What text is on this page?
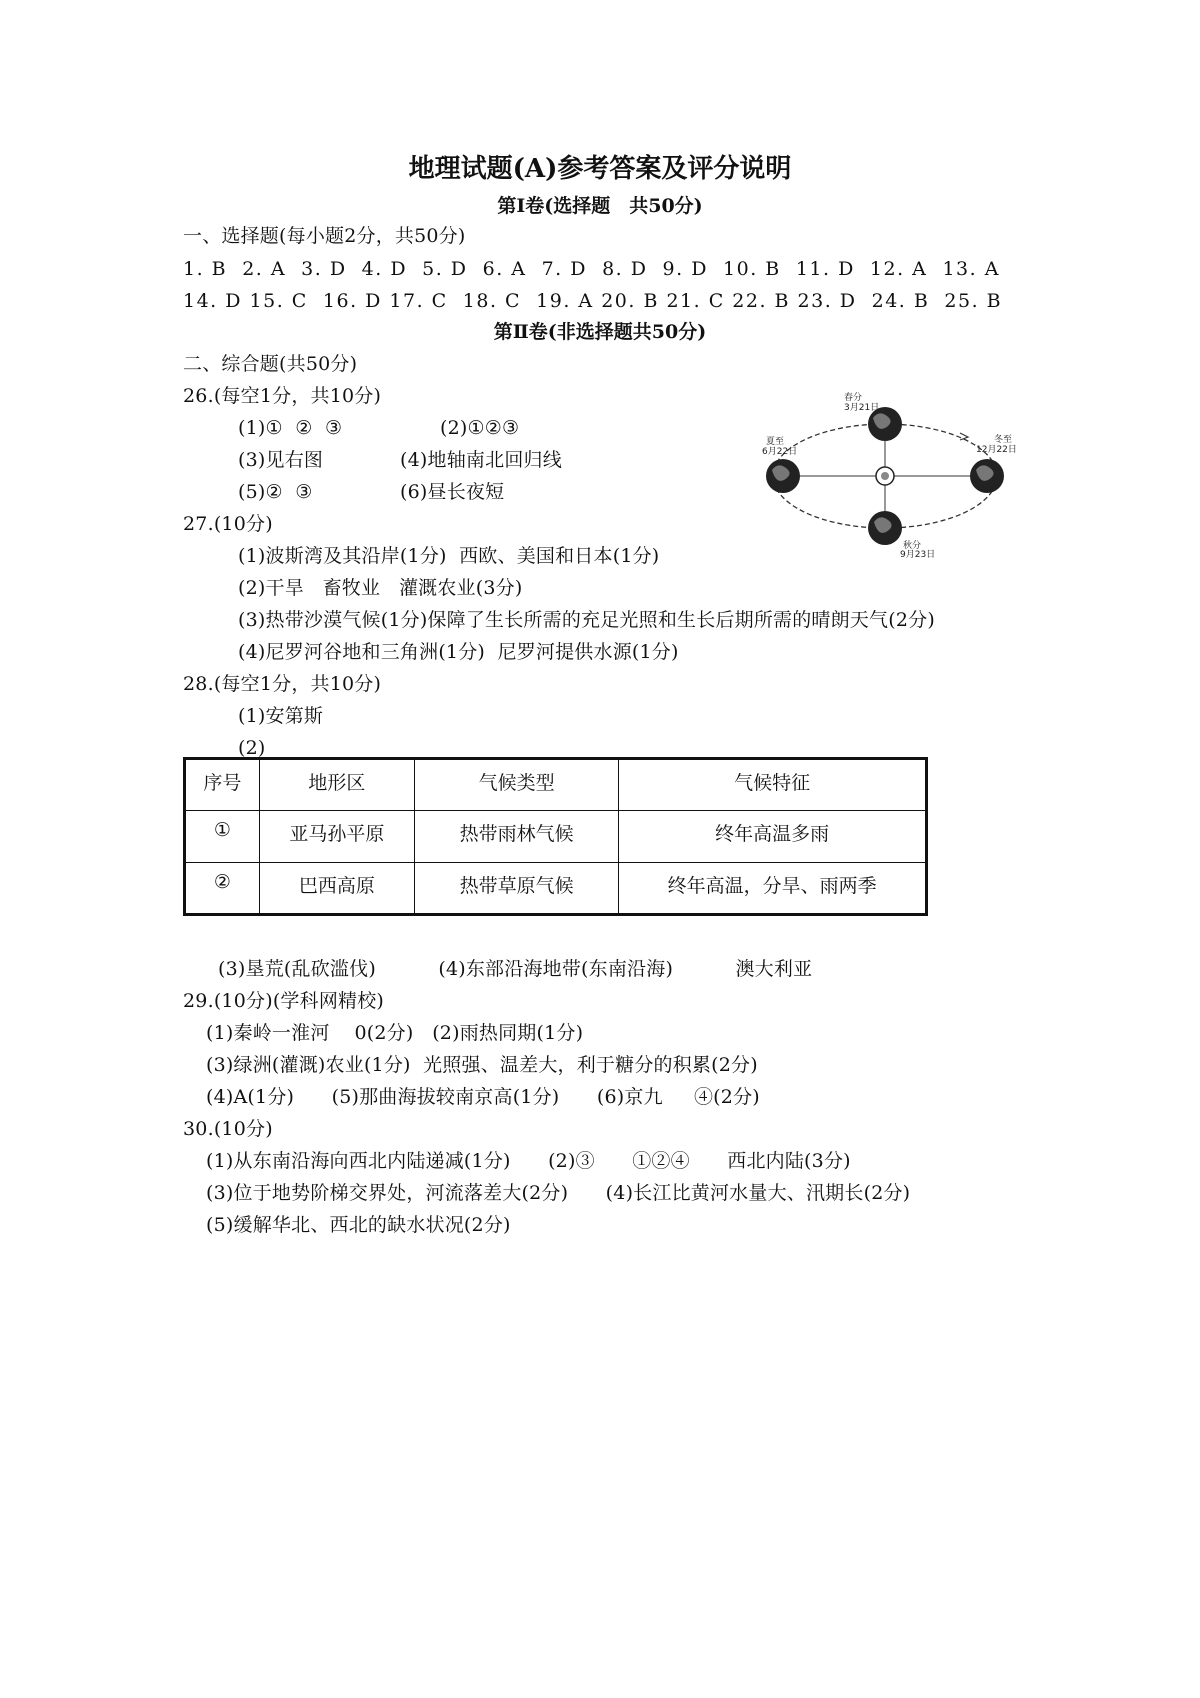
地理试题(A)参考答案及评分说明
第Ⅰ卷(选择题　共50分)
一、选择题(每小题2分，共50分)
1. B  2. A  3. D  4. D  5. D  6. A  7. D  8. D  9. D  10. B  11. D  12. A  13. A
14. D 15. C  16. D 17. C  18. C  19. A 20. B 21. C 22. B 23. D  24. B  25. B
第Ⅱ卷(非选择题共50分)
二、综合题(共50分)
26.(每空1分，共10分)
(1)①  ②  ③	(2)①②③
(3)见右图	(4)地轴南北回归线
(5)②  ③	(6)昼长夜短
春分
3月21日
夏至
6月22日
冬至
12月22日
秋分
9月23日
27.(10分)
(1)波斯湾及其沿岸(1分)  西欧、美国和日本(1分)
(2)干旱   畜牧业   灌溉农业(3分)
(3)热带沙漠气候(1分)保障了生长所需的充足光照和生长后期所需的晴朗天气(2分)
(4)尼罗河谷地和三角洲(1分)  尼罗河提供水源(1分)
28.(每空1分，共10分)
(1)安第斯
(2)
序号	地形区	气候类型	气候特征
①	亚马孙平原	热带雨林气候	终年高温多雨
②	巴西高原	热带草原气候	终年高温，分旱、雨两季
(3)垦荒(乱砍滥伐)          (4)东部沿海地带(东南沿海)          澳大利亚
29.(10分)(学科网精校)
(1)秦岭一淮河    0(2分)   (2)雨热同期(1分)
(3)绿洲(灌溉)农业(1分)  光照强、温差大，利于糖分的积累(2分)
(4)A(1分)      (5)那曲海拔较南京高(1分)      (6)京九     ④(2分)
30.(10分)
(1)从东南沿海向西北内陆递减(1分)      (2)③      ①②④      西北内陆(3分)
(3)位于地势阶梯交界处，河流落差大(2分)      (4)长江比黄河水量大、汛期长(2分)
(5)缓解华北、西北的缺水状况(2分)
